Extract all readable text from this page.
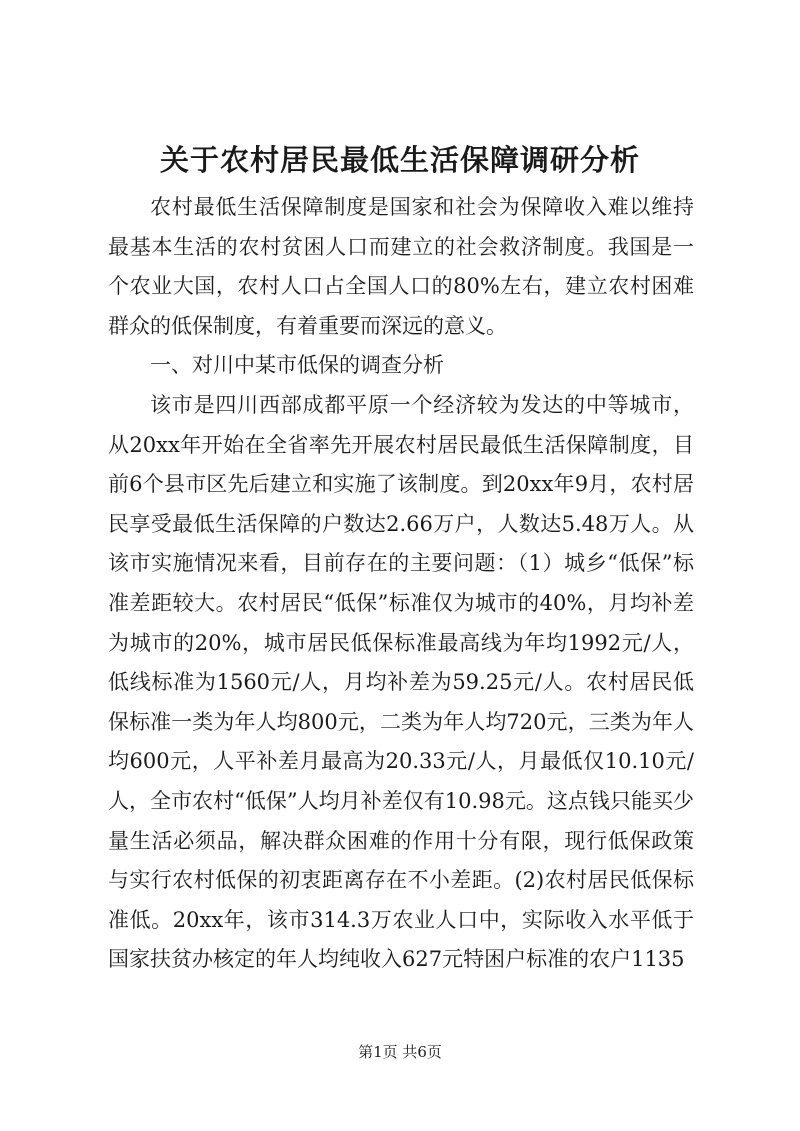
关于农村居民最低生活保障调研分析

农村最低生活保障制度是国家和社会为保障收入难以维持最基本生活的农村贫困人口而建立的社会救济制度。我国是一个农业大国，农村人口占全国人口的80%左右，建立农村困难群众的低保制度，有着重要而深远的意义。

一、对川中某市低保的调查分析

该市是四川西部成都平原一个经济较为发达的中等城市，从20xx年开始在全省率先开展农村居民最低生活保障制度，目前6个县市区先后建立和实施了该制度。到20xx年9月，农村居民享受最低生活保障的户数达2.66万户，人数达5.48万人。从该市实施情况来看，目前存在的主要问题：（1）城乡“低保”标准差距较大。农村居民“低保”标准仅为城市的40%，月均补差为城市的20%，城市居民低保标准最高线为年均1992元/人，低线标准为1560元/人，月均补差为59.25元/人。农村居民低保标准一类为年人均800元，二类为年人均720元，三类为年人均600元，人平补差月最高为20.33元/人，月最低仅10.10元/人，全市农村“低保”人均月补差仅有10.98元。这点钱只能买少量生活必须品，解决群众困难的作用十分有限，现行低保政策与实行农村低保的初衷距离存在不小差距。(2)农村居民低保标准低。20xx年，该市314.3万农业人口中，实际收入水平低于国家扶贫办核定的年人均纯收入627元特困户标准的农户1135

第1页 共6页
